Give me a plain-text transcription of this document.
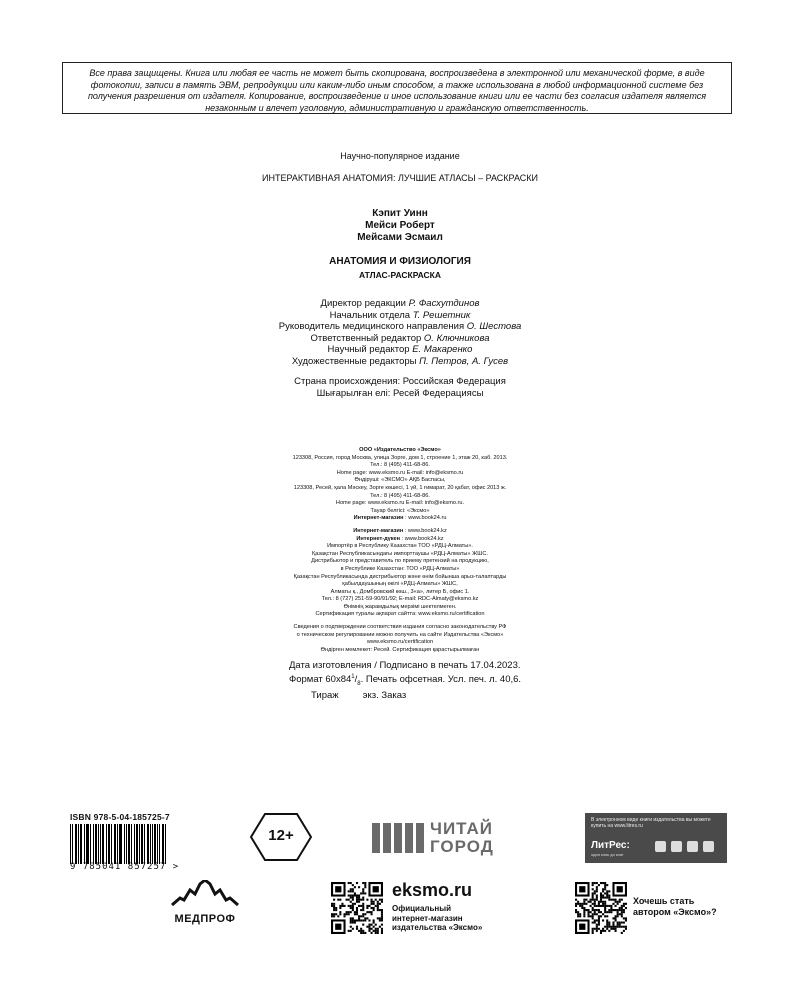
Все права защищены. Книга или любая ее часть не может быть скопирована, воспроизведена в электронной или механической форме, в виде
фотокопии, записи в память ЭВМ, репродукции или каким-либо иным способом, а также использована в любой информационной системе без
получения разрешения от издателя. Копирование, воспроизведение и иное использование книги или ее части без согласия издателя является
незаконным и влечет уголовную, административную и гражданскую ответственность.
Научно-популярное издание
ИНТЕРАКТИВНАЯ АНАТОМИЯ: ЛУЧШИЕ АТЛАСЫ – РАСКРАСКИ
Кэпит Уинн
Мейси Роберт
Мейсами Эсмаил
АНАТОМИЯ И ФИЗИОЛОГИЯ
АТЛАС-РАСКРАСКА
Директор редакции Р. Фасхутдинов
Начальник отдела Т. Решетник
Руководитель медицинского направления О. Шестова
Ответственный редактор О. Ключникова
Научный редактор Е. Макаренко
Художественные редакторы П. Петров, А. Гусев
Страна происхождения: Российская Федерация
Шығарылған елі: Ресей Федерациясы
ООО «Издательство «Эксмо»
123308, Россия, город Москва, улица Зорге, дом 1, строение 1, этаж 20, каб. 2013.
Тел.: 8 (495) 411-68-86.
Home page: www.eksmo.ru E-mail: info@eksmo.ru
Өндіруші: «ЭКСМО» АҚБ Баспасы,
123308, Ресей, қала Мәскеу, Зорге көшесі, 1 үй, 1 ғимарат, 20 қабат, офис 2013 ж.
Тел.: 8 (495) 411-68-86.
Home page: www.eksmo.ru E-mail: info@eksmo.ru.
Тауар белгісі: «Эксмо»
Интернет-магазин : www.book24.ru
Интернет-магазин : www.book24.kz
Интернет-дүкен : www.book24.kz
Импортёр в Республику Казахстан ТОО «РДЦ-Алматы».
Қазақстан Республикасындағы импорттаушы «РДЦ-Алматы» ЖШС.
Дистрибьютор и представитель по приему претензий на продукцию,
в Республике Казахстан: ТОО «РДЦ-Алматы»
Қазақстан Республикасында дистрибьютор және өнім бойынша арыз-талаптарды
қабылдаушының өкілі «РДЦ-Алматы» ЖШС,
Алматы қ., Домбровский көш., 3«а», литер Б, офис 1.
Тел.: 8 (727) 251-59-90/91/92; E-mail: RDC-Almaty@eksmo.kz
Өнімнің жарамдылық мерзімі шектелмеген.
Сертификация туралы ақпарат сайтта: www.eksmo.ru/certification
Сведения о подтверждении соответствия издания согласно законодательству РФ
о техническом регулировании можно получить на сайте Издательства «Эксмо»
www.eksmo.ru/certification
Өндірген мемлекет: Ресей. Сертификация қарастырылмаған
Дата изготовления / Подписано в печать 17.04.2023.
Формат $60х84^1/_8$. Печать офсетная. Усл. печ. л. 40,6.
Тираж	экз. Заказ
ISBN 978-5-04-185725-7
9 785041 857257 >
12+	ЧИТАЙ
ГОРОД
В электронном виде книги издательства вы можете купить на www.litres.ru
ЛитРес:
один клик до книг
МЕДПРОФ
eksmo.ru
Официальный
интернет-магазин
издательства «Эксмо»
Хочешь стать
автором «Эксмо»?
